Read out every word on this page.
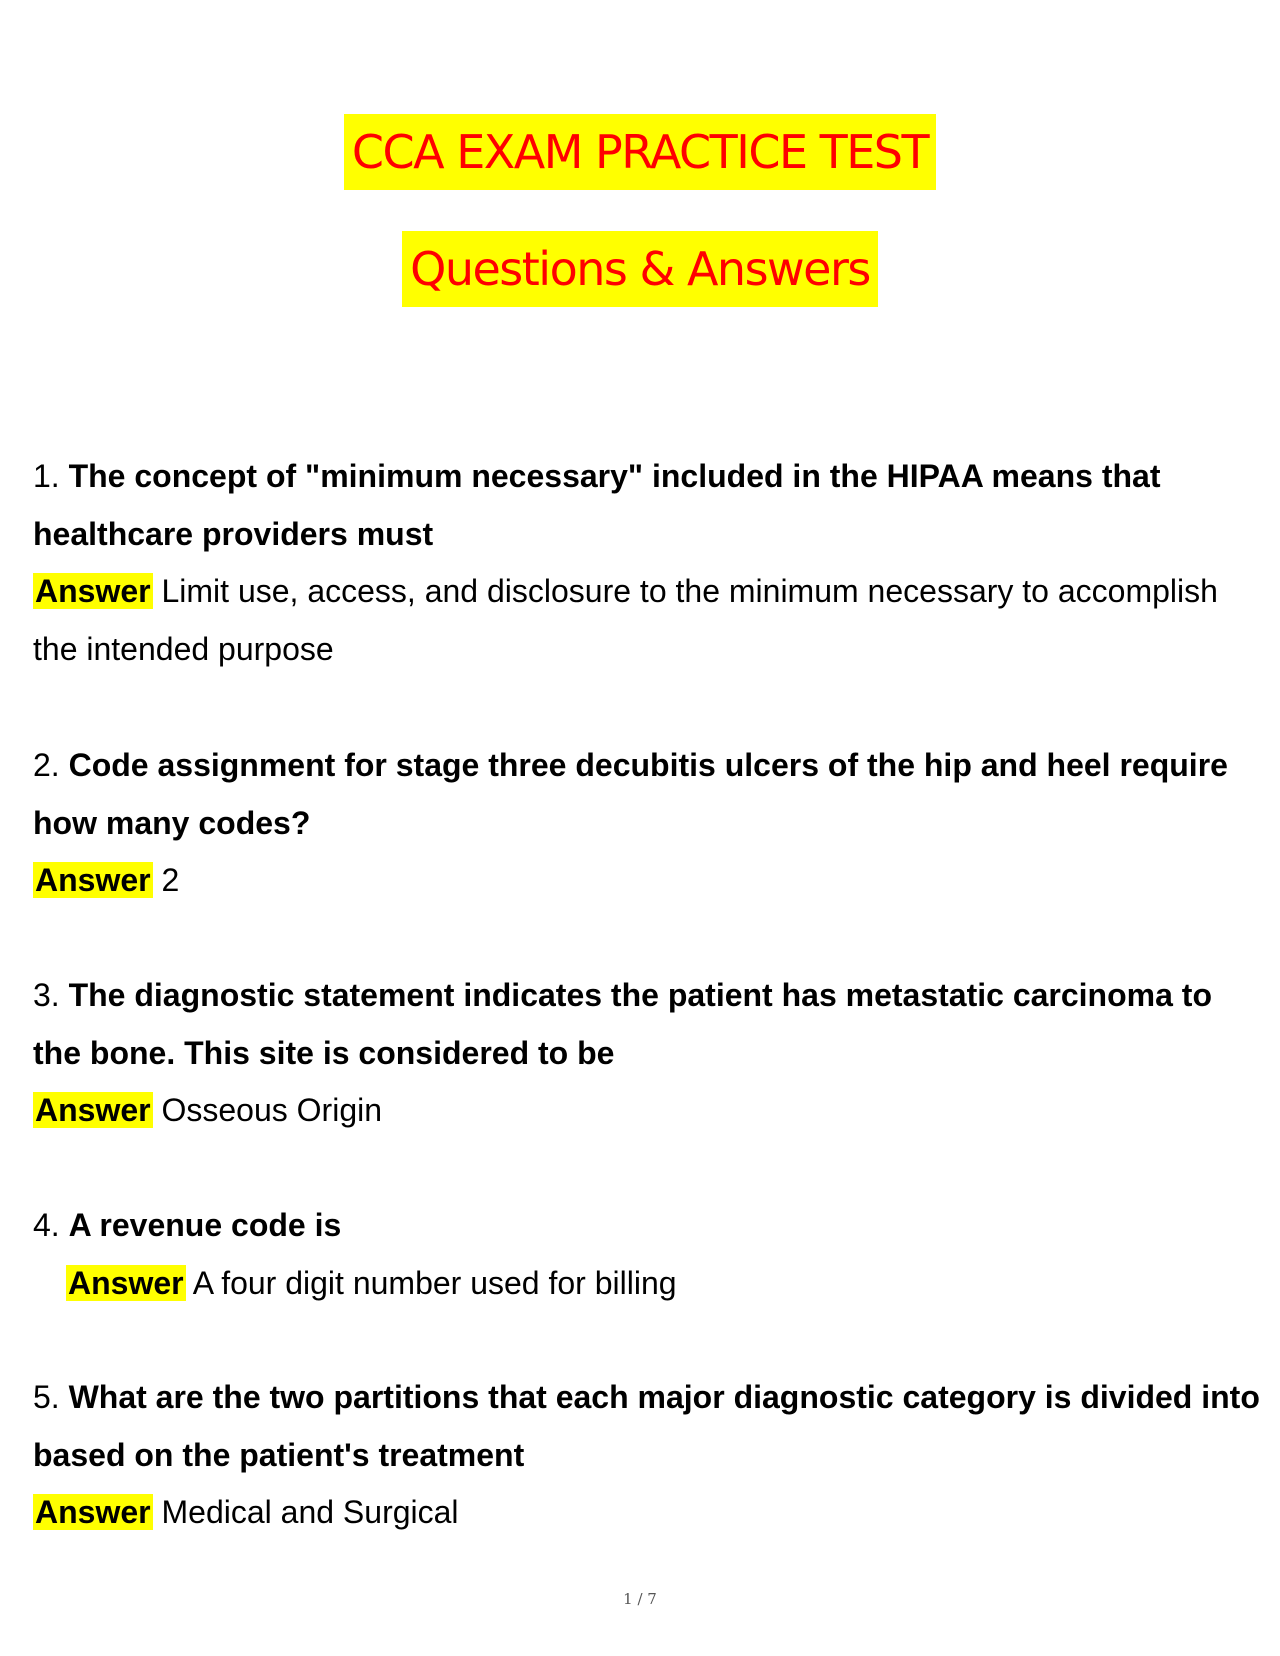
CCA EXAM PRACTICE TEST
Questions & Answers
1. The concept of "minimum necessary" included in the HIPAA means that healthcare providers must
Answer Limit use, access, and disclosure to the minimum necessary to accomplish the intended purpose
2. Code assignment for stage three decubitis ulcers of the hip and heel require how many codes?
Answer 2
3. The diagnostic statement indicates the patient has metastatic carcinoma to the bone. This site is considered to be
Answer Osseous Origin
4. A revenue code is
Answer A four digit number used for billing
5. What are the two partitions that each major diagnostic category is divided into based on the patient's treatment
Answer Medical and Surgical
1 / 7
